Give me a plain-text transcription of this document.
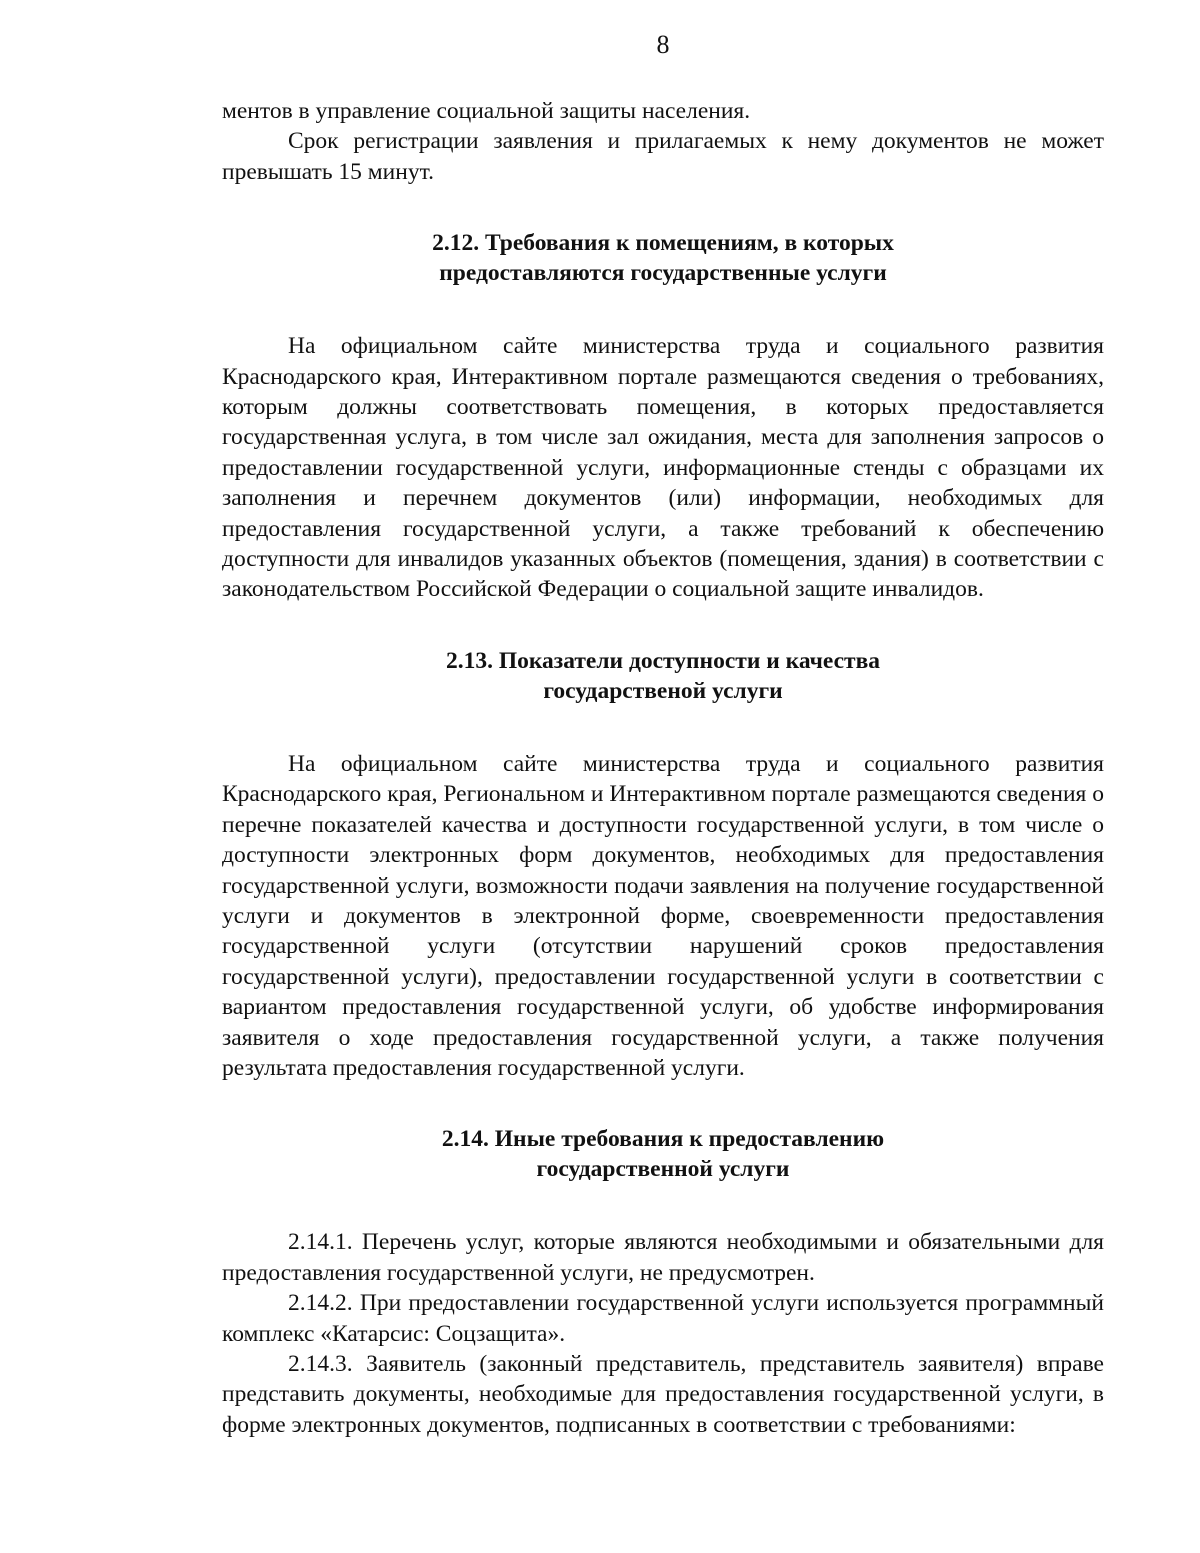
8

ментов в управление социальной защиты населения.

Срок регистрации заявления и прилагаемых к нему документов не может превышать 15 минут.

2.12. Требования к помещениям, в которых
предоставляются государственные услуги

На официальном сайте министерства труда и социального развития Краснодарского края, Интерактивном портале размещаются сведения о требованиях, которым должны соответствовать помещения, в которых предоставляется государственная услуга, в том числе зал ожидания, места для заполнения запросов о предоставлении государственной услуги, информационные стенды с образцами их заполнения и перечнем документов (или) информации, необходимых для предоставления государственной услуги, а также требований к обеспечению доступности для инвалидов указанных объектов (помещения, здания) в соответствии с законодательством Российской Федерации о социальной защите инвалидов.

2.13. Показатели доступности и качества
государственой услуги

На официальном сайте министерства труда и социального развития Краснодарского края, Региональном и Интерактивном портале размещаются сведения о перечне показателей качества и доступности государственной услуги, в том числе о доступности электронных форм документов, необходимых для предоставления государственной услуги, возможности подачи заявления на получение государственной услуги и документов в электронной форме, своевременности предоставления государственной услуги (отсутствии нарушений сроков предоставления государственной услуги), предоставлении государственной услуги в соответствии с вариантом предоставления государственной услуги, об удобстве информирования заявителя о ходе предоставления государственной услуги, а также получения результата предоставления государственной услуги.

2.14. Иные требования к предоставлению
государственной услуги

2.14.1. Перечень услуг, которые являются необходимыми и обязательными для предоставления государственной услуги, не предусмотрен.

2.14.2. При предоставлении государственной услуги используется программный комплекс «Катарсис: Соцзащита».

2.14.3. Заявитель (законный представитель, представитель заявителя) вправе представить документы, необходимые для предоставления государственной услуги, в форме электронных документов, подписанных в соответствии с требованиями:
